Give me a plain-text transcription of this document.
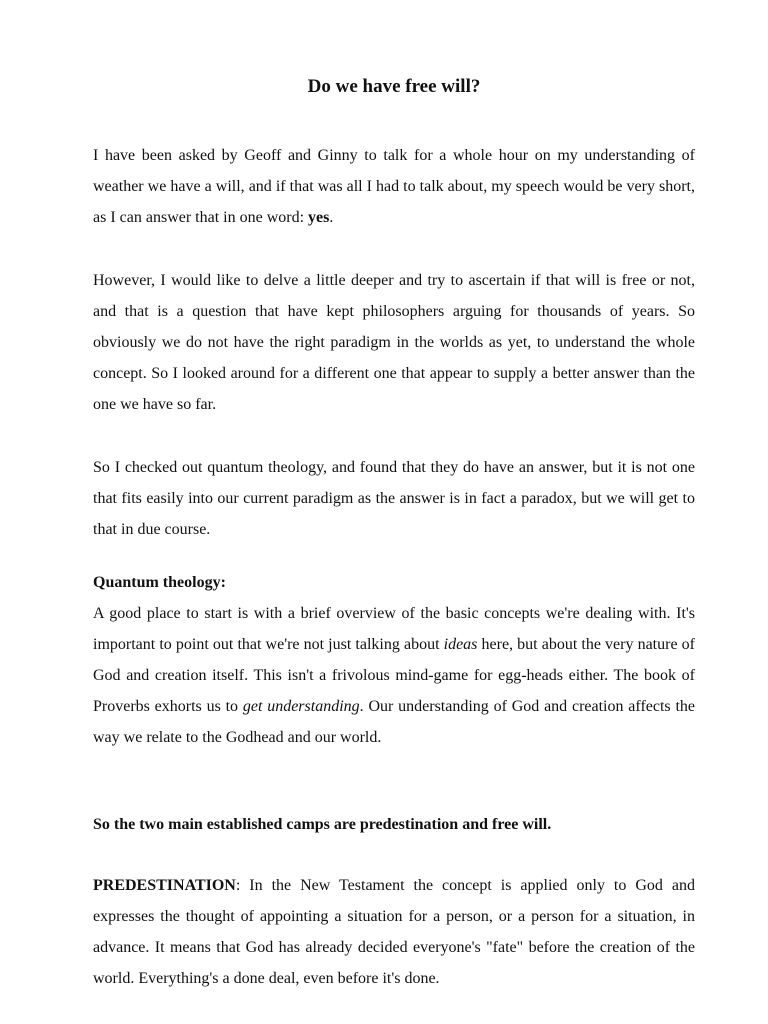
Do we have free will?

I have been asked by Geoff and Ginny to talk for a whole hour on my understanding of weather we have a will, and if that was all I had to talk about, my speech would be very short, as I can answer that in one word: yes.

However, I would like to delve a little deeper and try to ascertain if that will is free or not, and that is a question that have kept philosophers arguing for thousands of years. So obviously we do not have the right paradigm in the worlds as yet, to understand the whole concept. So I looked around for a different one that appear to supply a better answer than the one we have so far.

So I checked out quantum theology, and found that they do have an answer, but it is not one that fits easily into our current paradigm as the answer is in fact a paradox, but we will get to that in due course.

Quantum theology:

A good place to start is with a brief overview of the basic concepts we're dealing with. It's important to point out that we're not just talking about ideas here, but about the very nature of God and creation itself. This isn't a frivolous mind-game for egg-heads either. The book of Proverbs exhorts us to get understanding. Our understanding of God and creation affects the way we relate to the Godhead and our world.

So the two main established camps are predestination and free will.

PREDESTINATION: In the New Testament the concept is applied only to God and expresses the thought of appointing a situation for a person, or a person for a situation, in advance. It means that God has already decided everyone's "fate" before the creation of the world. Everything's a done deal, even before it's done.
